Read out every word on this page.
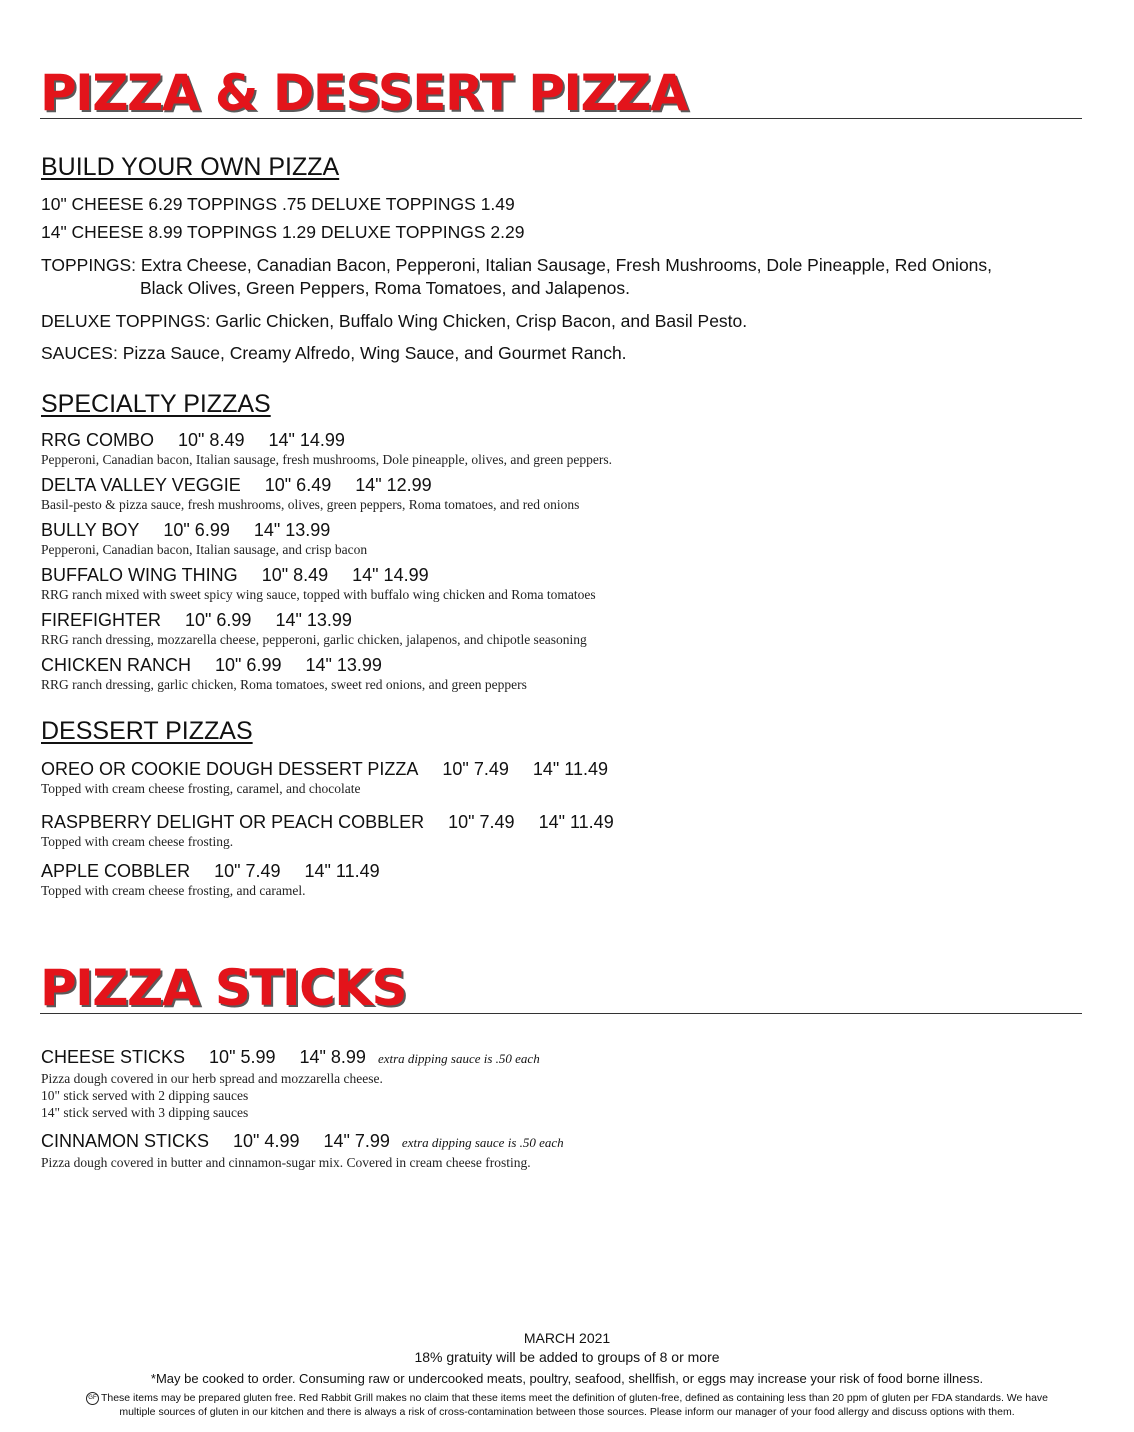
PIZZA & DESSERT PIZZA
BUILD YOUR OWN PIZZA

10" CHEESE 6.29 TOPPINGS .75 DELUXE TOPPINGS 1.49

14" CHEESE 8.99 TOPPINGS 1.29 DELUXE TOPPINGS 2.29

TOPPINGS: Extra Cheese, Canadian Bacon, Pepperoni, Italian Sausage, Fresh Mushrooms, Dole Pineapple, Red Onions,

Black Olives, Green Peppers, Roma Tomatoes, and Jalapenos.

DELUXE TOPPINGS: Garlic Chicken, Buffalo Wing Chicken, Crisp Bacon, and Basil Pesto.

SAUCES: Pizza Sauce, Creamy Alfredo, Wing Sauce, and Gourmet Ranch.

SPECIALTY PIZZAS
RRG COMBO 10" 8.49 14" 14.99
Pepperoni, Canadian bacon, Italian sausage, fresh mushrooms, Dole pineapple, olives, and green peppers.
DELTA VALLEY VEGGIE 10" 6.49 14" 12.99
Basil-pesto & pizza sauce, fresh mushrooms, olives, green peppers, Roma tomatoes, and red onions
BULLY BOY 10" 6.99 14" 13.99
Pepperoni, Canadian bacon, Italian sausage, and crisp bacon
BUFFALO WING THING 10" 8.49 14" 14.99
RRG ranch mixed with sweet spicy wing sauce, topped with buffalo wing chicken and Roma tomatoes
FIREFIGHTER 10" 6.99 14" 13.99
RRG ranch dressing, mozzarella cheese, pepperoni, garlic chicken, jalapenos, and chipotle seasoning
CHICKEN RANCH 10" 6.99 14" 13.99
RRG ranch dressing, garlic chicken, Roma tomatoes, sweet red onions, and green peppers
DESSERT PIZZAS
OREO OR COOKIE DOUGH DESSERT PIZZA 10" 7.49 14" 11.49
Topped with cream cheese frosting, caramel, and chocolate
RASPBERRY DELIGHT OR PEACH COBBLER 10" 7.49 14" 11.49
Topped with cream cheese frosting.
APPLE COBBLER 10" 7.49 14" 11.49
Topped with cream cheese frosting, and caramel.
PIZZA STICKS
CHEESE STICKS 10" 5.99 14" 8.99 extra dipping sauce is .50 each
Pizza dough covered in our herb spread and mozzarella cheese.
10" stick served with 2 dipping sauces
14" stick served with 3 dipping sauces
CINNAMON STICKS 10" 4.99 14" 7.99 extra dipping sauce is .50 each
Pizza dough covered in butter and cinnamon-sugar mix. Covered in cream cheese frosting.
MARCH 2021
18% gratuity will be added to groups of 8 or more
*May be cooked to order. Consuming raw or undercooked meats, poultry, seafood, shellfish, or eggs may increase your risk of food borne illness.
GF These items may be prepared gluten free. Red Rabbit Grill makes no claim that these items meet the definition of gluten-free, defined as containing less than 20 ppm of gluten per FDA standards. We have
multiple sources of gluten in our kitchen and there is always a risk of cross-contamination between those sources. Please inform our manager of your food allergy and discuss options with them.
